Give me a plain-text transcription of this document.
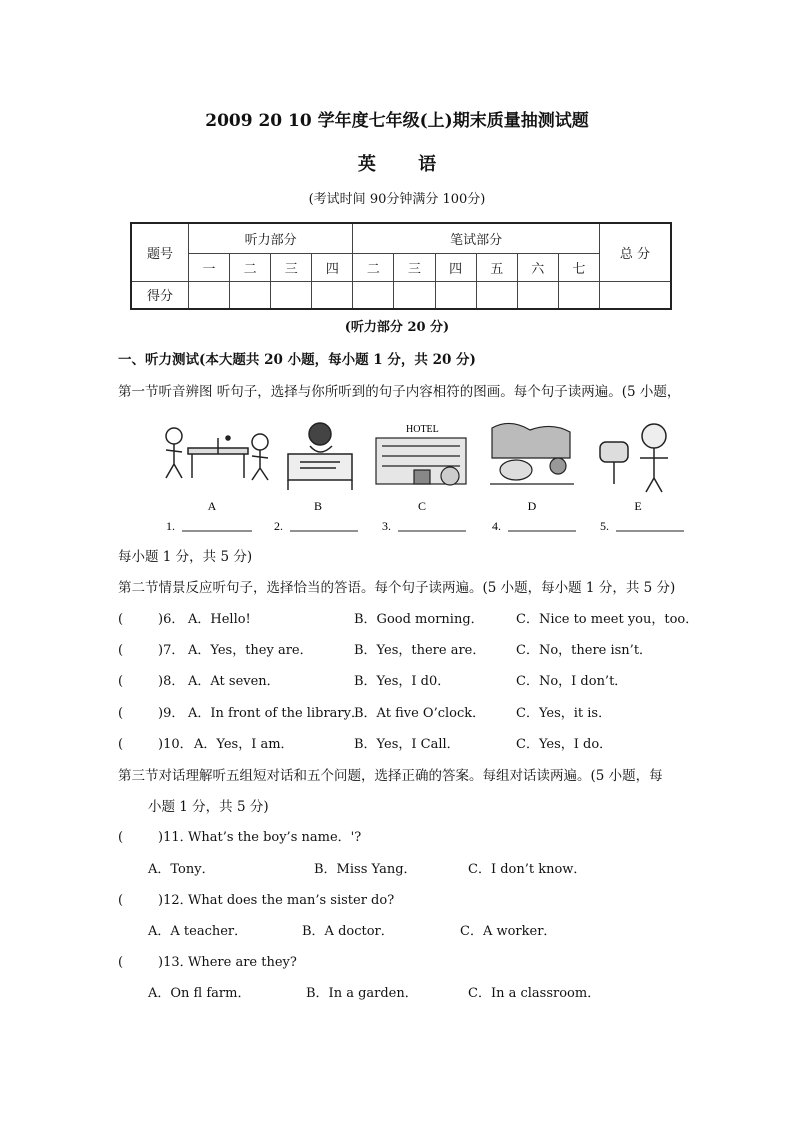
2009 20 10 学年度七年级(上)期末质量抽测试题
英 语
(考试时间 90分钟满分 100分)
题号	听力部分				笔试部分						总 分
	一	二	三	四	二	三	四	五	六	七	
得分											
(听力部分 20 分)
一、听力测试(本大题共 20 小题，每小题 1 分，共 20 分)
第一节听音辨图 听句子，选择与你所听到的句子内容相符的图画。每个句子读两遍。(5 小题，
A	B
HOTEL
C	D	E
1.	2.	3.	4.	5.
每小题 1 分，共 5 分)
第二节情景反应听句子，选择恰当的答语。每个句子读两遍。(5 小题，每小题 1 分，共 5 分)
(	)6． A．Hello!	B．Good morning． C．Nice to meet you，too．
(	)7． A．Yes，they are．	B．Yes，there are． C．No，there isn’t．
(	)8． A．At seven．	B．Yes，I d0．	C．No，I don’t．
(	)9． A．In front of the library．B．At five O’clock． C．Yes，it is．
(	)10．A．Yes，I am．	B．Yes，I Call．	C．Yes，I do．
第三节对话理解听五组短对话和五个问题，选择正确的答案。每组对话读两遍。(5 小题，每
小题 1 分，共 5 分)
(	)11．What’s the boy’s name．'?
A．Tony．	B．Miss Yang．	C．I don’t know．
(	)12．What does the man’s sister do?
A．A teacher．	B．A doctor．	C．A worker．
(	)13．Where are they?
A．On fl farm．	B．In a garden．	C．In a classroom．
